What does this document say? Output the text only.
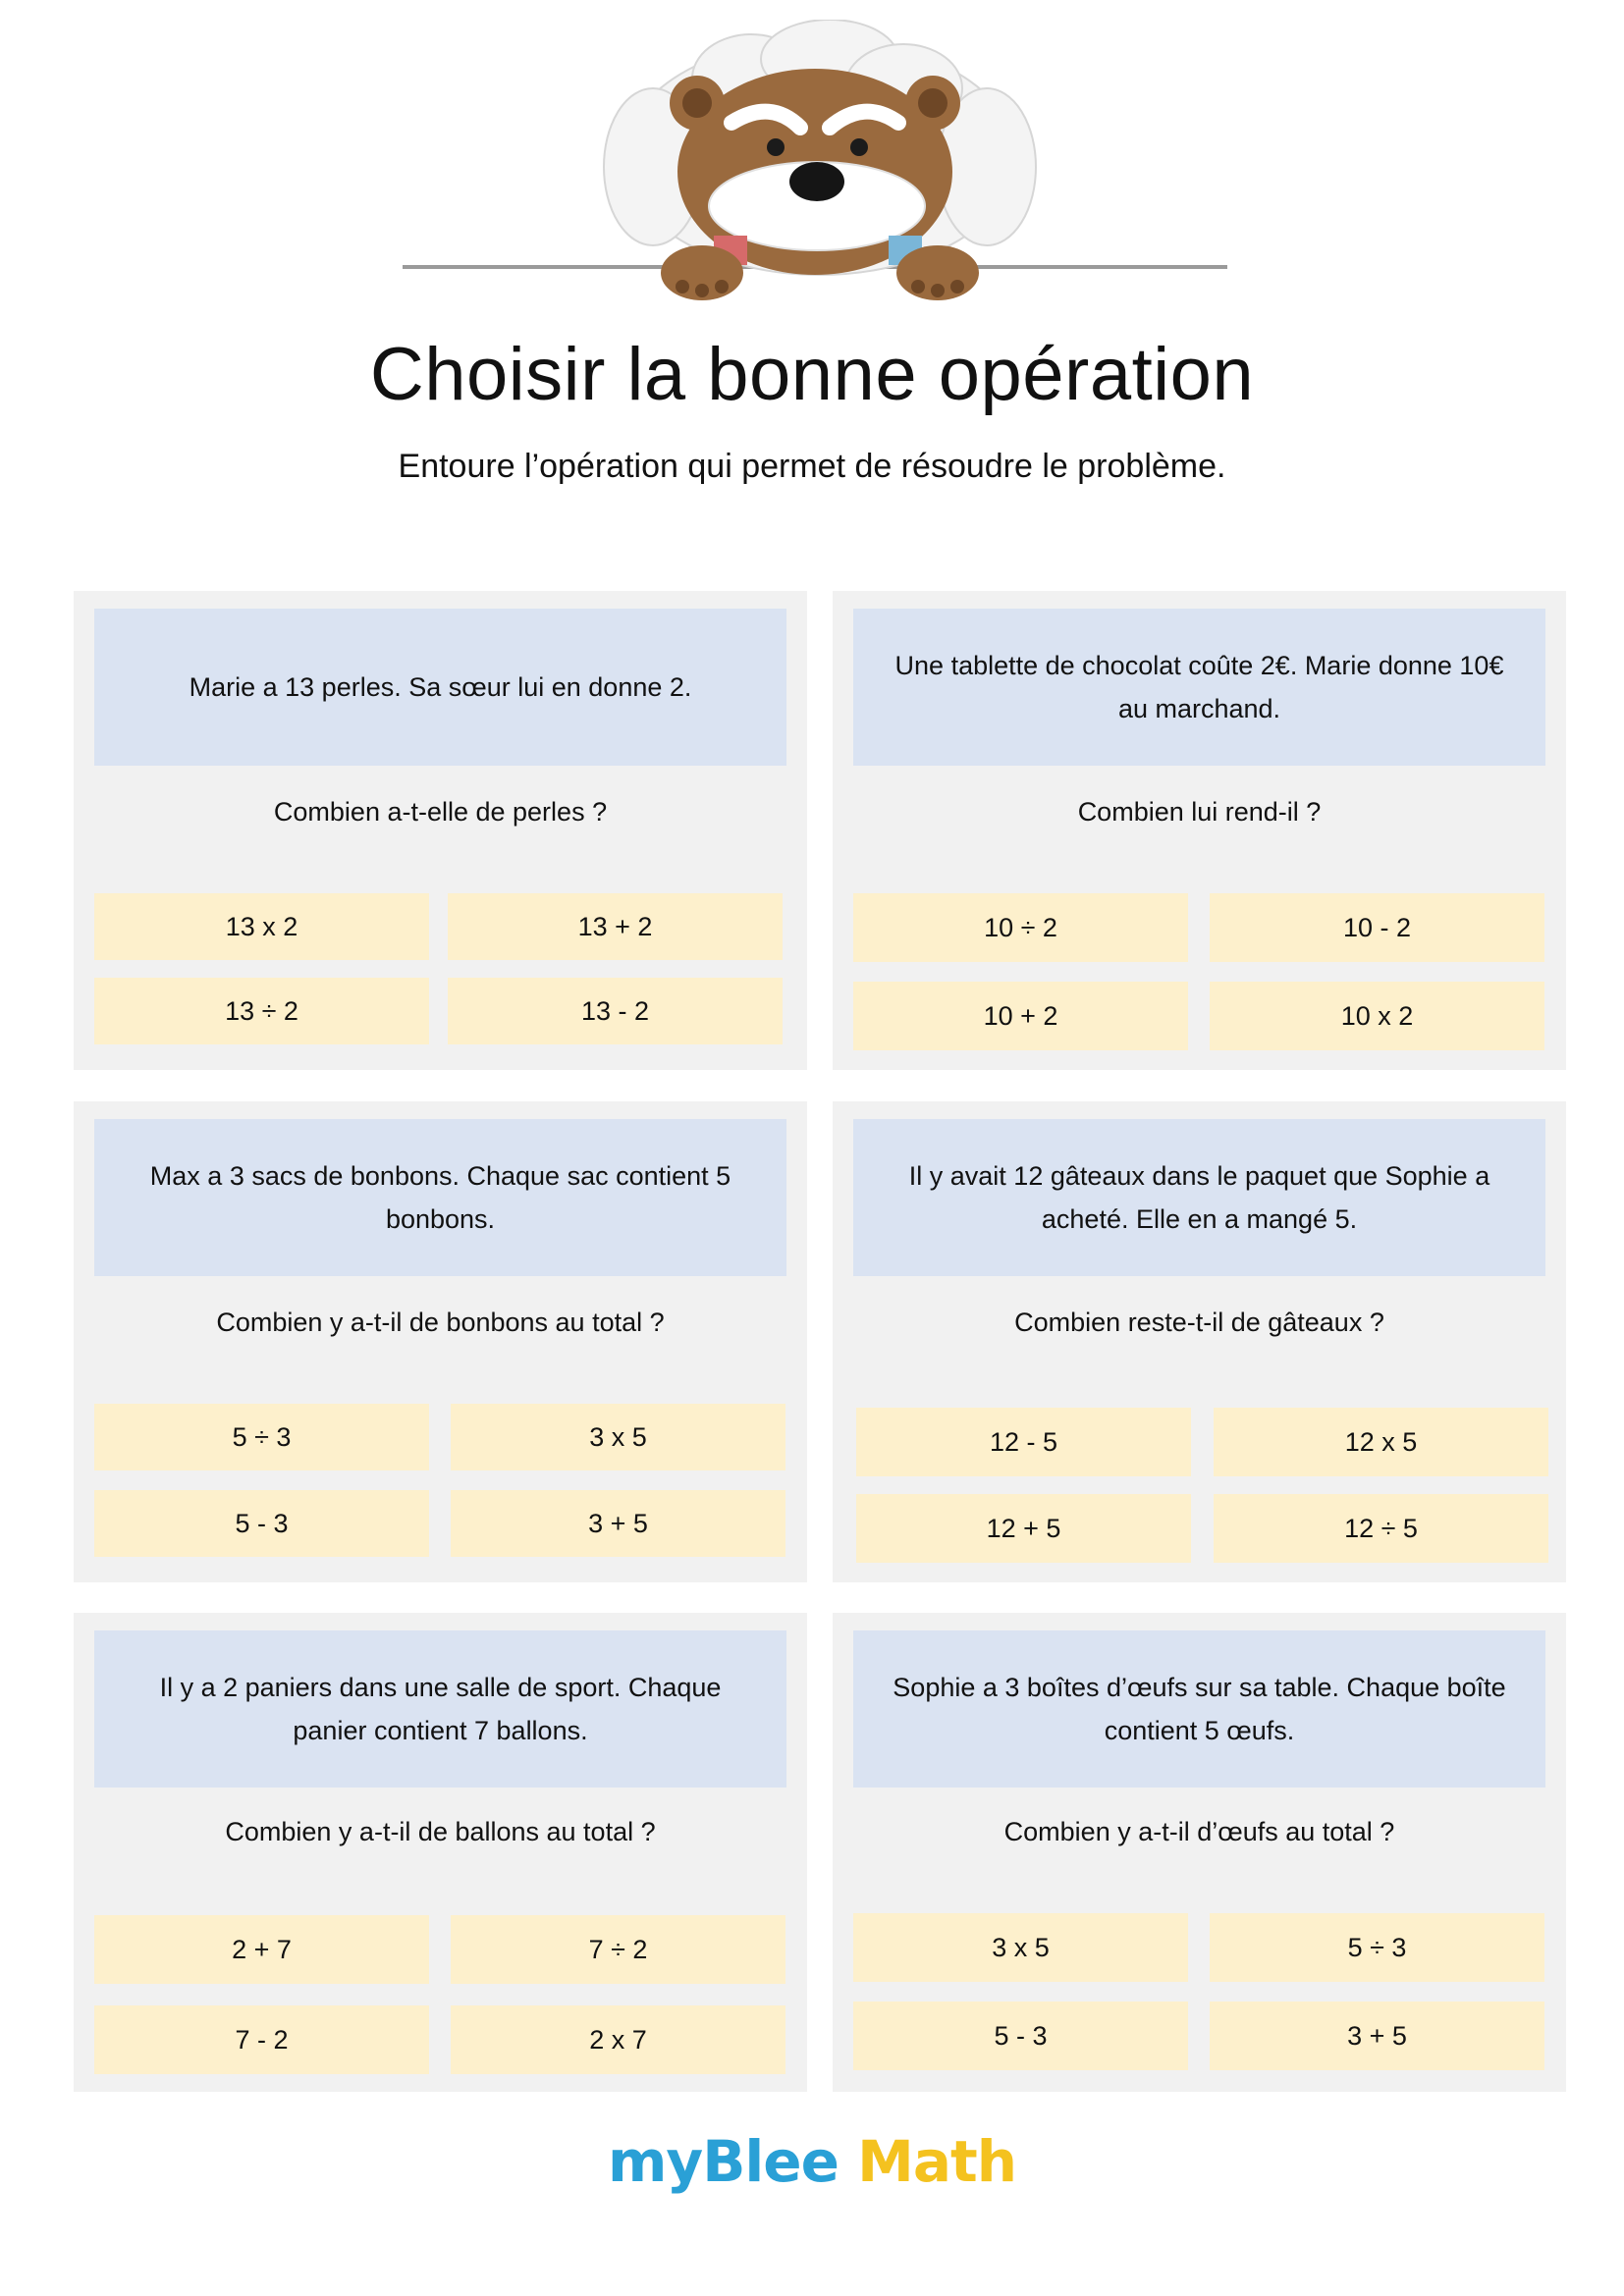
Choisir la bonne opération
Entoure l’opération qui permet de résoudre le problème.
Marie a 13 perles. Sa sœur lui en donne 2.
Combien a-t-elle de perles ?
13 x 2	13 + 2
13 ÷ 2	13 - 2
Une tablette de chocolat coûte 2€. Marie donne 10€ au marchand.
Combien lui rend-il ?
10 ÷ 2	10 - 2
10 + 2	10 x 2
Max a 3 sacs de bonbons. Chaque sac contient 5 bonbons.
Combien y a-t-il de bonbons au total ?
5 ÷ 3	3 x 5
5 - 3	3 + 5
Il y avait 12 gâteaux dans le paquet que Sophie a acheté. Elle en a mangé 5.
Combien reste-t-il de gâteaux ?
12 - 5	12 x 5
12 + 5	12 ÷ 5
Il y a 2 paniers dans une salle de sport. Chaque panier contient 7 ballons.
Combien y a-t-il de ballons au total ?
2 + 7	7 ÷ 2
7 - 2	2 x 7
Sophie a 3 boîtes d’œufs sur sa table. Chaque boîte contient 5 œufs.
Combien y a-t-il d’œufs au total ?
3 x 5	5 ÷ 3
5 - 3	3 + 5
myBlee Math
